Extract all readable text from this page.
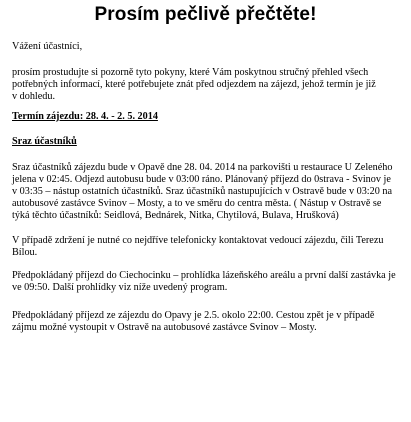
Prosím pečlivě přečtěte!
Vážení účastníci,
prosím prostudujte si pozorně tyto pokyny, které Vám poskytnou stručný přehled všech
potřebných informací, které potřebujete znát před odjezdem na zájezd, jehož termín je již
v dohledu.
Termín zájezdu: 28. 4. - 2. 5. 2014
Sraz účastníků
Sraz účastníků zájezdu bude v Opavě dne 28. 04. 2014 na parkovišti u restaurace U Zeleného
jelena v 02:45. Odjezd autobusu bude v 03:00 ráno. Plánovaný příjezd do 0strava - Svinov je
v 03:35 – nástup ostatních účastníků. Sraz účastníků nastupujících v Ostravě bude v 03:20 na
autobusové zastávce Svinov – Mosty, a to ve směru do centra města. ( Nástup v Ostravě se
týká těchto účastníků: Seidlová, Bednárek, Nitka, Chytilová, Bulava, Hrušková)
V případě zdržení je nutné co nejdříve telefonicky kontaktovat vedoucí zájezdu, čili Terezu
Bílou.
Předpokládaný příjezd do Ciechocinku – prohlídka lázeňského areálu a první další zastávka je
ve 09:50. Další prohlídky viz níže uvedený program.
Předpokládaný příjezd ze zájezdu do Opavy je 2.5. okolo 22:00. Cestou zpět je v případě
zájmu možné vystoupit v Ostravě na autobusové zastávce Svinov – Mosty.
